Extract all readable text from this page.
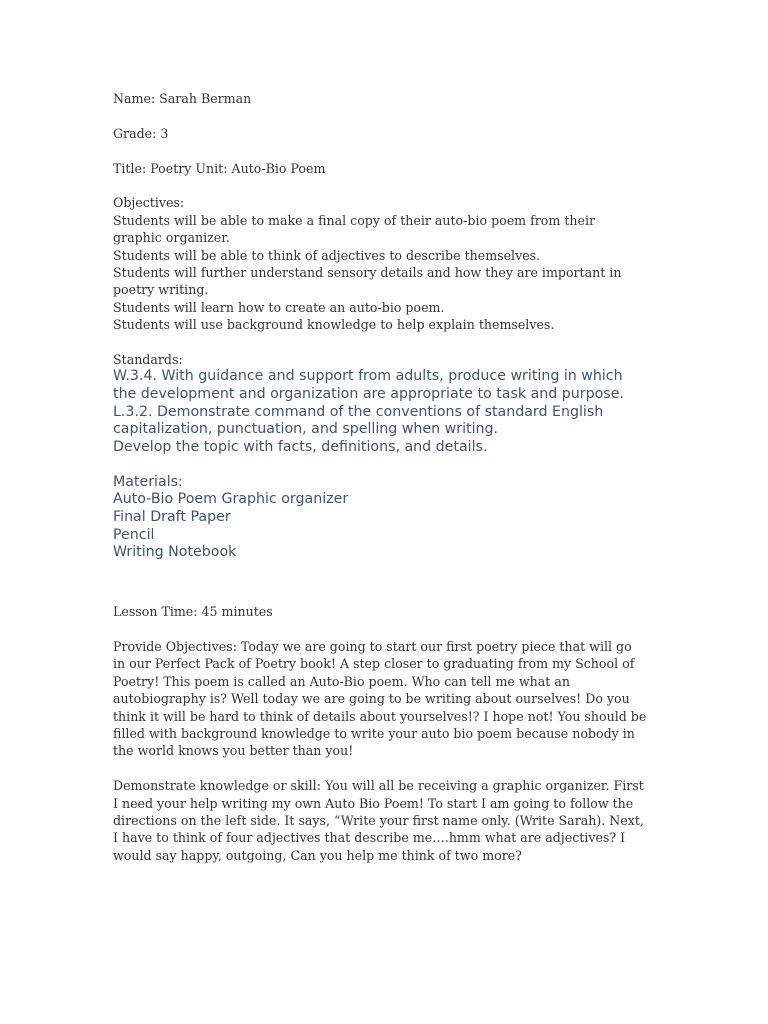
Name: Sarah Berman

Grade: 3

Title: Poetry Unit: Auto-Bio Poem

Objectives:

Students will be able to make a final copy of their auto-bio poem from their graphic organizer.

Students will be able to think of adjectives to describe themselves.

Students will further understand sensory details and how they are important in poetry writing.

Students will learn how to create an auto-bio poem.

Students will use background knowledge to help explain themselves.

Standards:

W.3.4. With guidance and support from adults, produce writing in which the development and organization are appropriate to task and purpose.

L.3.2. Demonstrate command of the conventions of standard English capitalization, punctuation, and spelling when writing.

Develop the topic with facts, definitions, and details.

Materials:

Auto-Bio Poem Graphic organizer

Final Draft Paper

Pencil

Writing Notebook

Lesson Time: 45 minutes

Provide Objectives: Today we are going to start our first poetry piece that will go in our Perfect Pack of Poetry book! A step closer to graduating from my School of Poetry! This poem is called an Auto-Bio poem. Who can tell me what an autobiography is? Well today we are going to be writing about ourselves! Do you think it will be hard to think of details about yourselves!? I hope not! You should be filled with background knowledge to write your auto bio poem because nobody in the world knows you better than you!

Demonstrate knowledge or skill: You will all be receiving a graphic organizer. First I need your help writing my own Auto Bio Poem! To start I am going to follow the directions on the left side. It says, “Write your first name only. (Write Sarah). Next, I have to think of four adjectives that describe me….hmm what are adjectives? I would say happy, outgoing, Can you help me think of two more?
